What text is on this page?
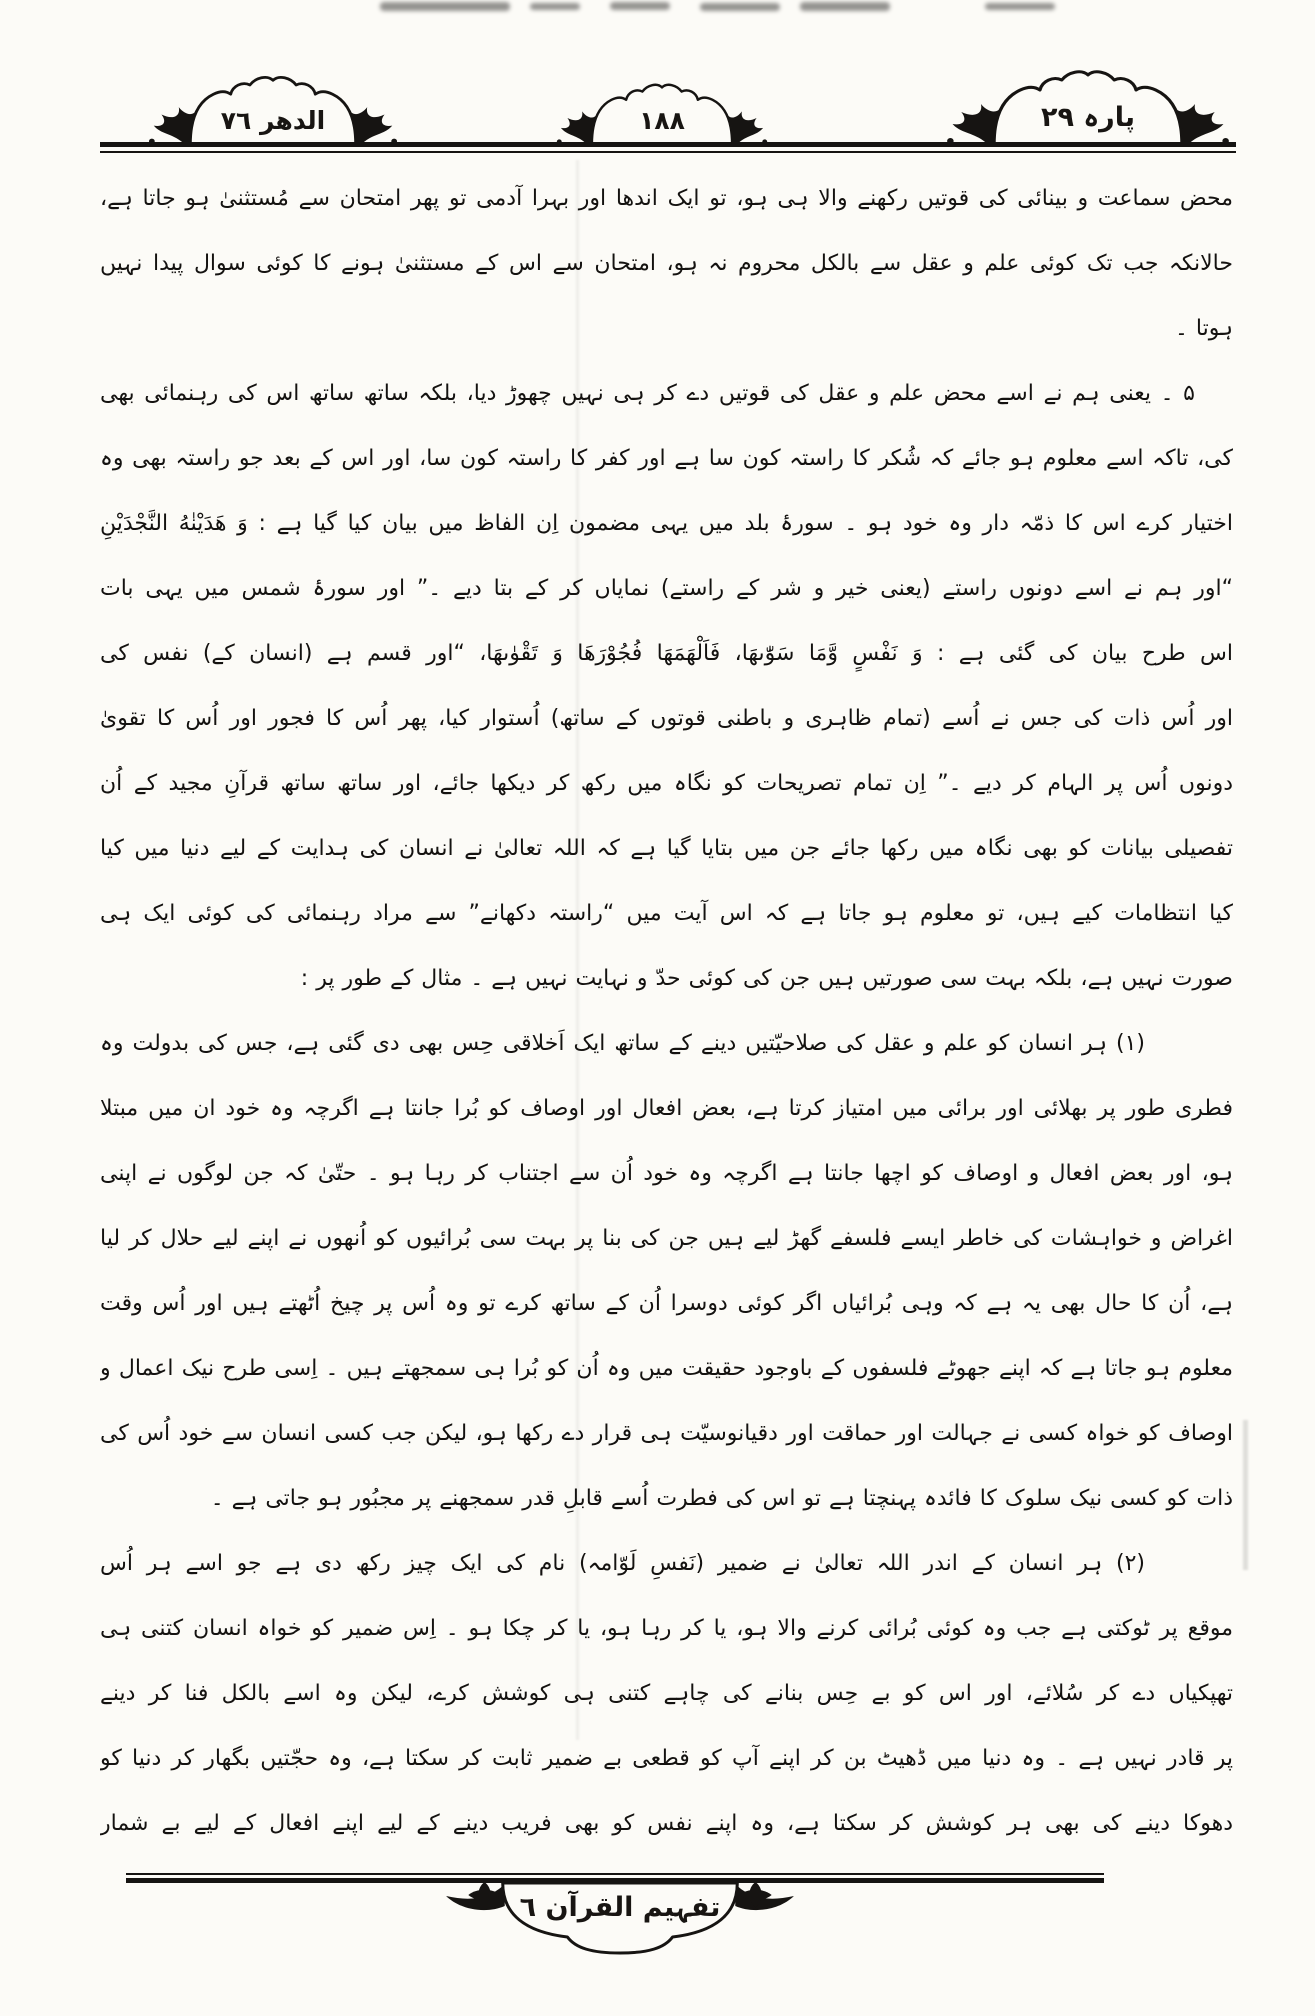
الدهر ٧٦	۱۸۸	پارہ ۲۹
محض سماعت و بینائی کی قوتیں رکھنے والا ہی ہو، تو ایک اندھا اور بہرا آدمی تو پھر امتحان سے مُستثنیٰ ہو جاتا ہے،
حالانکہ جب تک کوئی علم و عقل سے بالکل محروم نہ ہو، امتحان سے اس کے مستثنیٰ ہونے کا کوئی سوال پیدا نہیں
ہوتا ۔
۵ ۔ یعنی ہم نے اسے محض علم و عقل کی قوتیں دے کر ہی نہیں چھوڑ دیا، بلکہ ساتھ ساتھ اس کی رہنمائی بھی
کی، تاکہ اسے معلوم ہو جائے کہ شُکر کا راستہ کون سا ہے اور کفر کا راستہ کون سا، اور اس کے بعد جو راستہ بھی وہ
اختیار کرے اس کا ذمّہ دار وہ خود ہو ۔ سورۂ بلد میں یہی مضمون اِن الفاظ میں بیان کیا گیا ہے : وَ هَدَيْنٰهُ النَّجْدَيْنِ
“اور ہم نے اسے دونوں راستے (یعنی خیر و شر کے راستے) نمایاں کر کے بتا دیے ۔” اور سورۂ شمس میں یہی بات
اس طرح بیان کی گئی ہے : وَ نَفْسٍ وَّمَا سَوّٰىهَا، فَاَلْهَمَهَا فُجُوْرَهَا وَ تَقْوٰىهَا، “اور قسم ہے (انسان کے) نفس کی
اور اُس ذات کی جس نے اُسے (تمام ظاہری و باطنی قوتوں کے ساتھ) اُستوار کیا، پھر اُس کا فجور اور اُس کا تقویٰ
دونوں اُس پر الہام کر دیے ۔” اِن تمام تصریحات کو نگاہ میں رکھ کر دیکھا جائے، اور ساتھ ساتھ قرآنِ مجید کے اُن
تفصیلی بیانات کو بھی نگاہ میں رکھا جائے جن میں بتایا گیا ہے کہ اللہ تعالیٰ نے انسان کی ہدایت کے لیے دنیا میں کیا
کیا انتظامات کیے ہیں، تو معلوم ہو جاتا ہے کہ اس آیت میں “راستہ دکھانے” سے مراد رہنمائی کی کوئی ایک ہی
صورت نہیں ہے، بلکہ بہت سی صورتیں ہیں جن کی کوئی حدّ و نہایت نہیں ہے ۔ مثال کے طور پر :
(۱) ہر انسان کو علم و عقل کی صلاحیّتیں دینے کے ساتھ ایک اَخلاقی حِس بھی دی گئی ہے، جس کی بدولت وہ
فطری طور پر بھلائی اور برائی میں امتیاز کرتا ہے، بعض افعال اور اوصاف کو بُرا جانتا ہے اگرچہ وہ خود ان میں مبتلا
ہو، اور بعض افعال و اوصاف کو اچھا جانتا ہے اگرچہ وہ خود اُن سے اجتناب کر رہا ہو ۔ حتّیٰ کہ جن لوگوں نے اپنی
اغراض و خواہشات کی خاطر ایسے فلسفے گھڑ لیے ہیں جن کی بنا پر بہت سی بُرائیوں کو اُنھوں نے اپنے لیے حلال کر لیا
ہے، اُن کا حال بھی یہ ہے کہ وہی بُرائیاں اگر کوئی دوسرا اُن کے ساتھ کرے تو وہ اُس پر چیخ اُٹھتے ہیں اور اُس وقت
معلوم ہو جاتا ہے کہ اپنے جھوٹے فلسفوں کے باوجود حقیقت میں وہ اُن کو بُرا ہی سمجھتے ہیں ۔ اِسی طرح نیک اعمال و
اوصاف کو خواہ کسی نے جہالت اور حماقت اور دقیانوسیّت ہی قرار دے رکھا ہو، لیکن جب کسی انسان سے خود اُس کی
ذات کو کسی نیک سلوک کا فائدہ پہنچتا ہے تو اس کی فطرت اُسے قابلِ قدر سمجھنے پر مجبُور ہو جاتی ہے ۔
(۲) ہر انسان کے اندر اللہ تعالیٰ نے ضمیر (نَفسِ لَوّامہ) نام کی ایک چیز رکھ دی ہے جو اسے ہر اُس
موقع پر ٹوکتی ہے جب وہ کوئی بُرائی کرنے والا ہو، یا کر رہا ہو، یا کر چکا ہو ۔ اِس ضمیر کو خواہ انسان کتنی ہی
تھپکیاں دے کر سُلائے، اور اس کو بے حِس بنانے کی چاہے کتنی ہی کوشش کرے، لیکن وہ اسے بالکل فنا کر دینے
پر قادر نہیں ہے ۔ وہ دنیا میں ڈھیٹ بن کر اپنے آپ کو قطعی بے ضمیر ثابت کر سکتا ہے، وہ حجّتیں بگھار کر دنیا کو
دھوکا دینے کی بھی ہر کوشش کر سکتا ہے، وہ اپنے نفس کو بھی فریب دینے کے لیے اپنے افعال کے لیے بے شمار
تفہیم القرآن ٦
